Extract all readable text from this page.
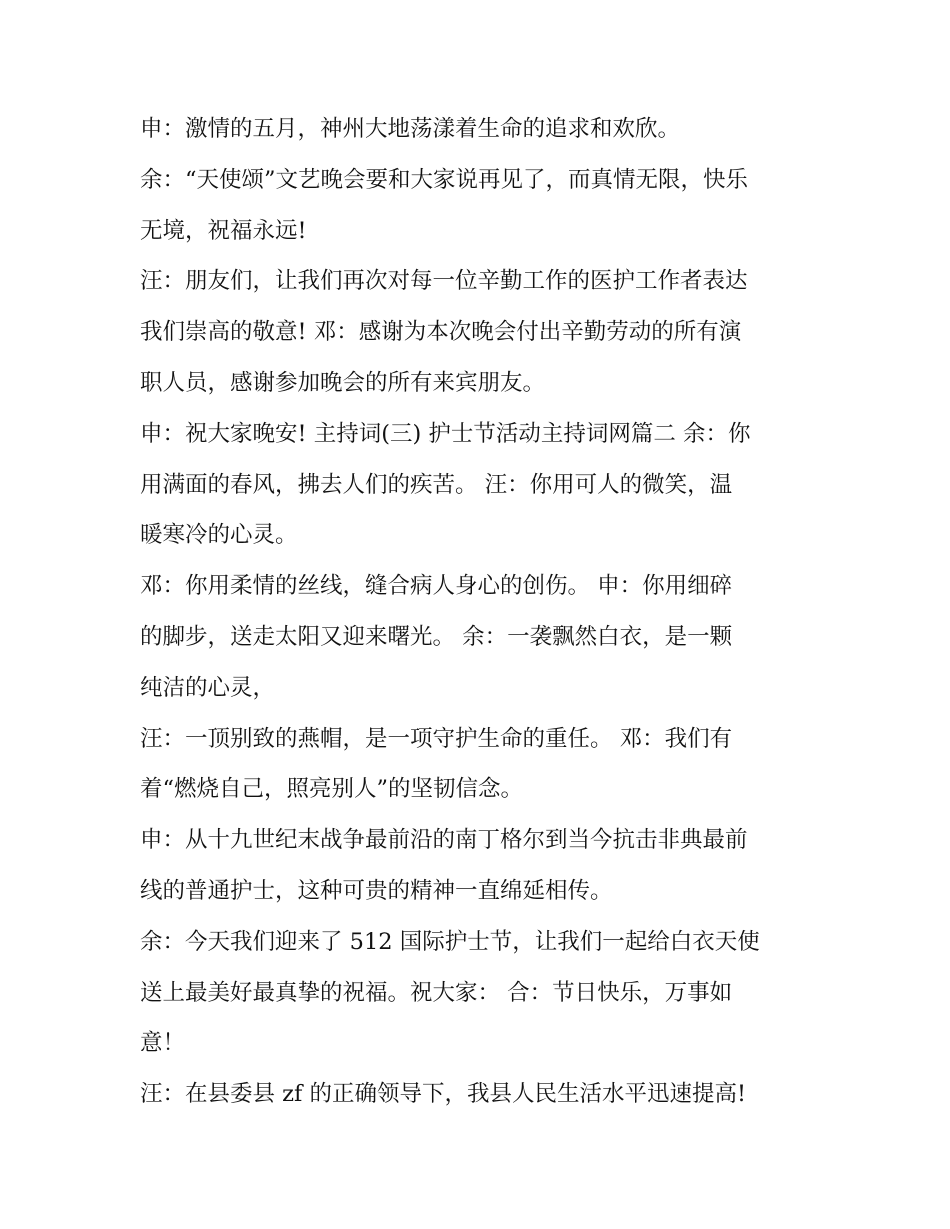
申：激情的五月，神州大地荡漾着生命的追求和欢欣。
余：“天使颂”文艺晚会要和大家说再见了，而真情无限，快乐
无境，祝福永远!
汪：朋友们，让我们再次对每一位辛勤工作的医护工作者表达
我们崇高的敬意! 邓：感谢为本次晚会付出辛勤劳动的所有演
职人员，感谢参加晚会的所有来宾朋友。
申：祝大家晚安! 主持词(三) 护士节活动主持词网篇二 余：你
用满面的春风，拂去人们的疾苦。 汪：你用可人的微笑，温
暖寒冷的心灵。
邓：你用柔情的丝线，缝合病人身心的创伤。 申：你用细碎
的脚步，送走太阳又迎来曙光。 余：一袭飘然白衣，是一颗
纯洁的心灵，
汪：一顶别致的燕帽，是一项守护生命的重任。 邓：我们有
着“燃烧自己，照亮别人”的坚韧信念。
申：从十九世纪末战争最前沿的南丁格尔到当今抗击非典最前
线的普通护士，这种可贵的精神一直绵延相传。
余：今天我们迎来了 512 国际护士节，让我们一起给白衣天使
送上最美好最真挚的祝福。祝大家： 合：节日快乐，万事如
意！
汪：在县委县 zf 的正确领导下，我县人民生活水平迅速提高!
